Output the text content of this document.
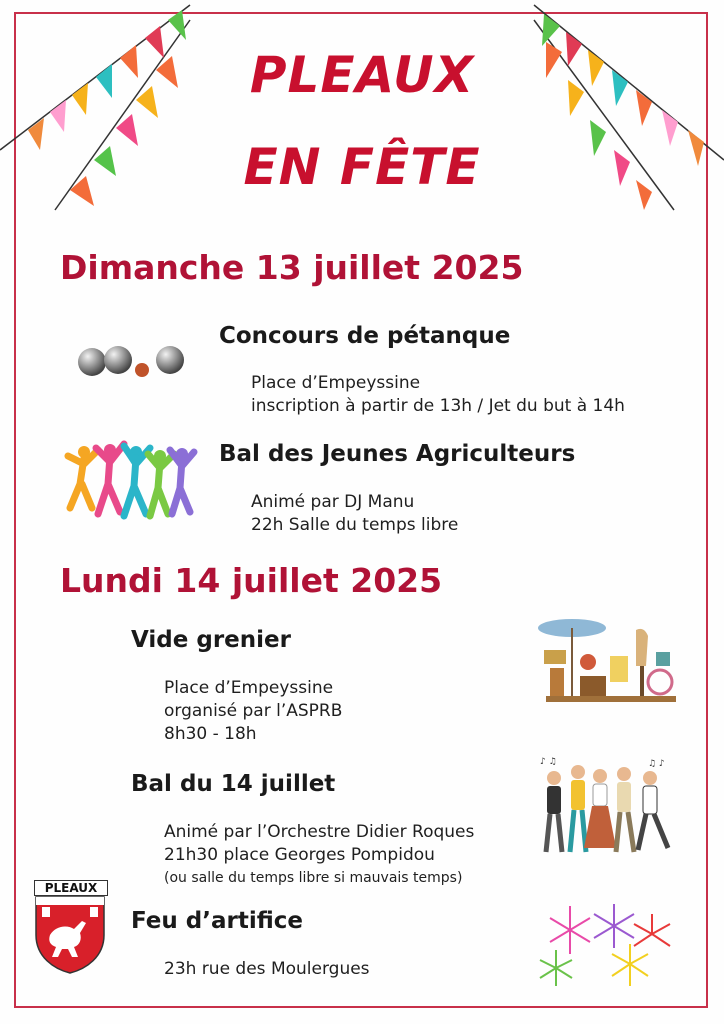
PLEAUX
EN FÊTE
Dimanche 13 juillet 2025
Concours de pétanque
Place d’Empeyssine
inscription à partir de 13h / Jet du but à 14h
Bal des Jeunes Agriculteurs
Animé par DJ Manu
22h Salle du temps libre
Lundi 14 juillet 2025
Vide grenier
Place d’Empeyssine
organisé par l’ASPRB
8h30 - 18h
Bal du 14 juillet
Animé par l’Orchestre Didier Roques
21h30 place Georges Pompidou
(ou salle du temps libre si mauvais temps)
♪ ♫	♫ ♪
Feu d’artifice
23h rue des Moulergues
PLEAUX
